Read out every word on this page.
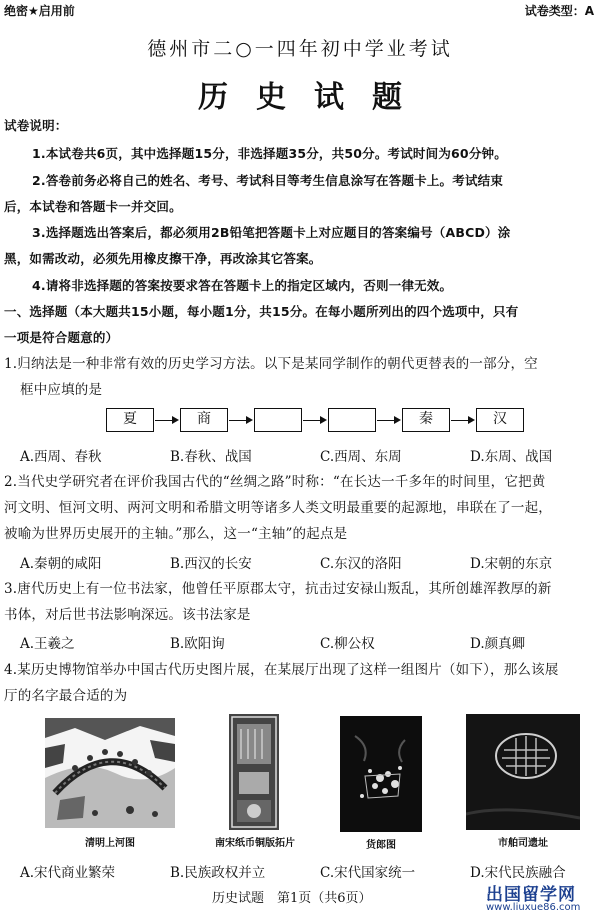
绝密★启用前	试卷类型：A
德州市二○一四年初中学业考试
历史试题
试卷说明：
1.本试卷共6页，其中选择题15分，非选择题35分，共50分。考试时间为60分钟。
2.答卷前务必将自己的姓名、考号、考试科目等考生信息涂写在答题卡上。考试结束
后，本试卷和答题卡一并交回。
3.选择题选出答案后，都必须用2B铅笔把答题卡上对应题目的答案编号（ABCD）涂
黑，如需改动，必须先用橡皮擦干净，再改涂其它答案。
4.请将非选择题的答案按要求答在答题卡上的指定区域内，否则一律无效。
一、选择题（本大题共15小题，每小题1分，共15分。在每小题所列出的四个选项中，只有
一项是符合题意的）
1.归纳法是一种非常有效的历史学习方法。以下是某同学制作的朝代更替表的一部分，空
框中应填的是
夏	商	秦	汉
A.西周、春秋	B.春秋、战国	C.西周、东周	D.东周、战国
2.当代史学研究者在评价我国古代的“丝绸之路”时称：“在长达一千多年的时间里，它把黄
河文明、恒河文明、两河文明和希腊文明等诸多人类文明最重要的起源地，串联在了一起，
被喻为世界历史展开的主轴。”那么，这一“主轴”的起点是
A.秦朝的咸阳	B.西汉的长安	C.东汉的洛阳	D.宋朝的东京
3.唐代历史上有一位书法家，他曾任平原郡太守，抗击过安禄山叛乱，其所创雄浑教厚的新
书体，对后世书法影响深远。该书法家是
A.王羲之	B.欧阳询	C.柳公权	D.颜真卿
4.某历史博物馆举办中国古代历史图片展，在某展厅出现了这样一组图片（如下），那么该展
厅的名字最合适的为
清明上河图	南宋纸币铜版拓片	货郎图	市舶司遗址
A.宋代商业繁荣	B.民族政权并立	C.宋代国家统一	D.宋代民族融合
历史试题　第1页（共6页）	出国留学网
www.liuxue86.com
